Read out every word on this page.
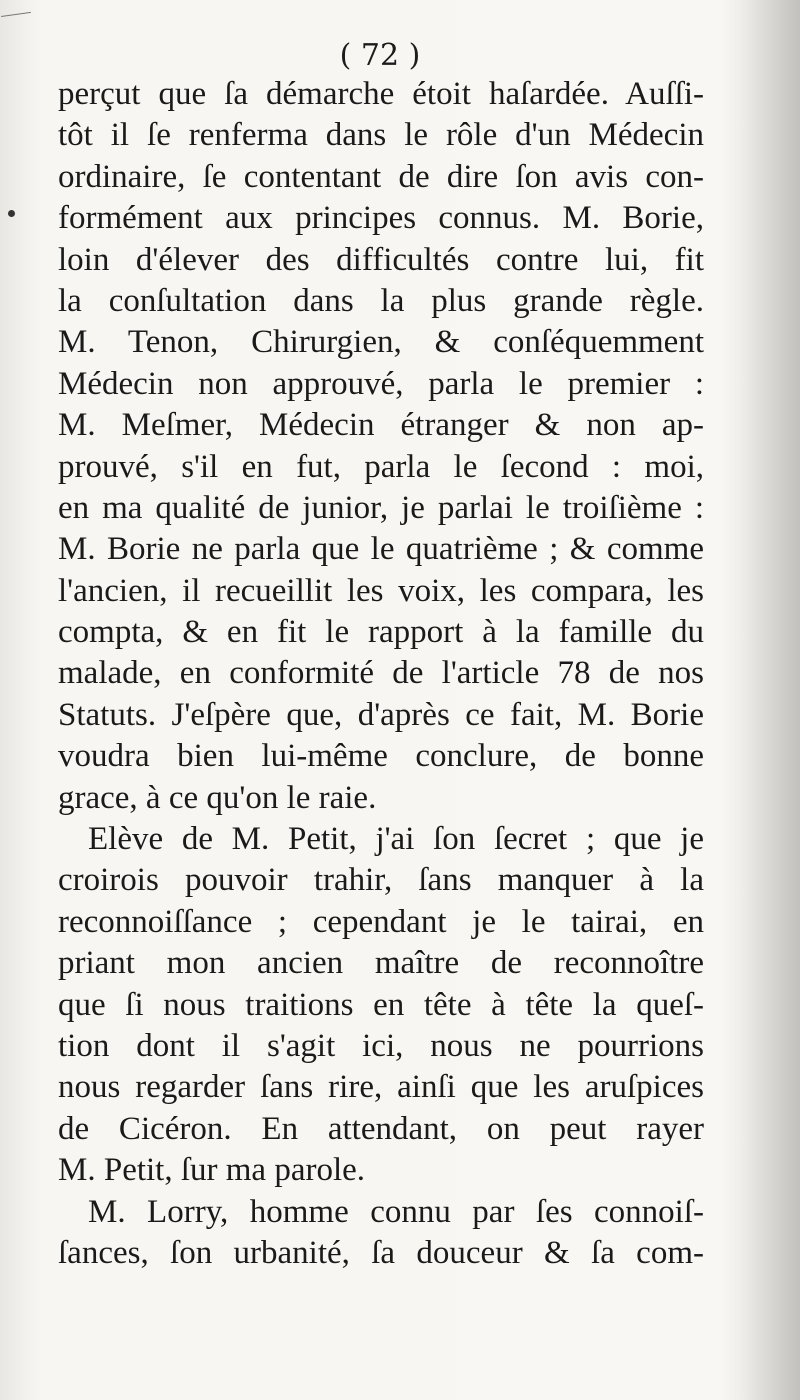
( 72 )
perçut que ſa démarche étoit haſardée. Auſſi-
tôt il ſe renferma dans le rôle d'un Médecin
ordinaire, ſe contentant de dire ſon avis con-
formément aux principes connus. M. Borie,
loin d'élever des difficultés contre lui, fit
la conſultation dans la plus grande règle.
M. Tenon, Chirurgien, & conſéquemment
Médecin non approuvé, parla le premier :
M. Meſmer, Médecin étranger & non ap-
prouvé, s'il en fut, parla le ſecond : moi,
en ma qualité de junior, je parlai le troiſième :
M. Borie ne parla que le quatrième ; & comme
l'ancien, il recueillit les voix, les compara, les
compta, & en fit le rapport à la famille du
malade, en conformité de l'article 78 de nos
Statuts. J'eſpère que, d'après ce fait, M. Borie
voudra bien lui-même conclure, de bonne
grace, à ce qu'on le raie.
Elève de M. Petit, j'ai ſon ſecret ; que je
croirois pouvoir trahir, ſans manquer à la
reconnoiſſance ; cependant je le tairai, en
priant mon ancien maître de reconnoître
que ſi nous traitions en tête à tête la queſ-
tion dont il s'agit ici, nous ne pourrions
nous regarder ſans rire, ainſi que les aruſpices
de Cicéron. En attendant, on peut rayer
M. Petit, ſur ma parole.
M. Lorry, homme connu par ſes connoiſ-
ſances, ſon urbanité, ſa douceur & ſa com-
